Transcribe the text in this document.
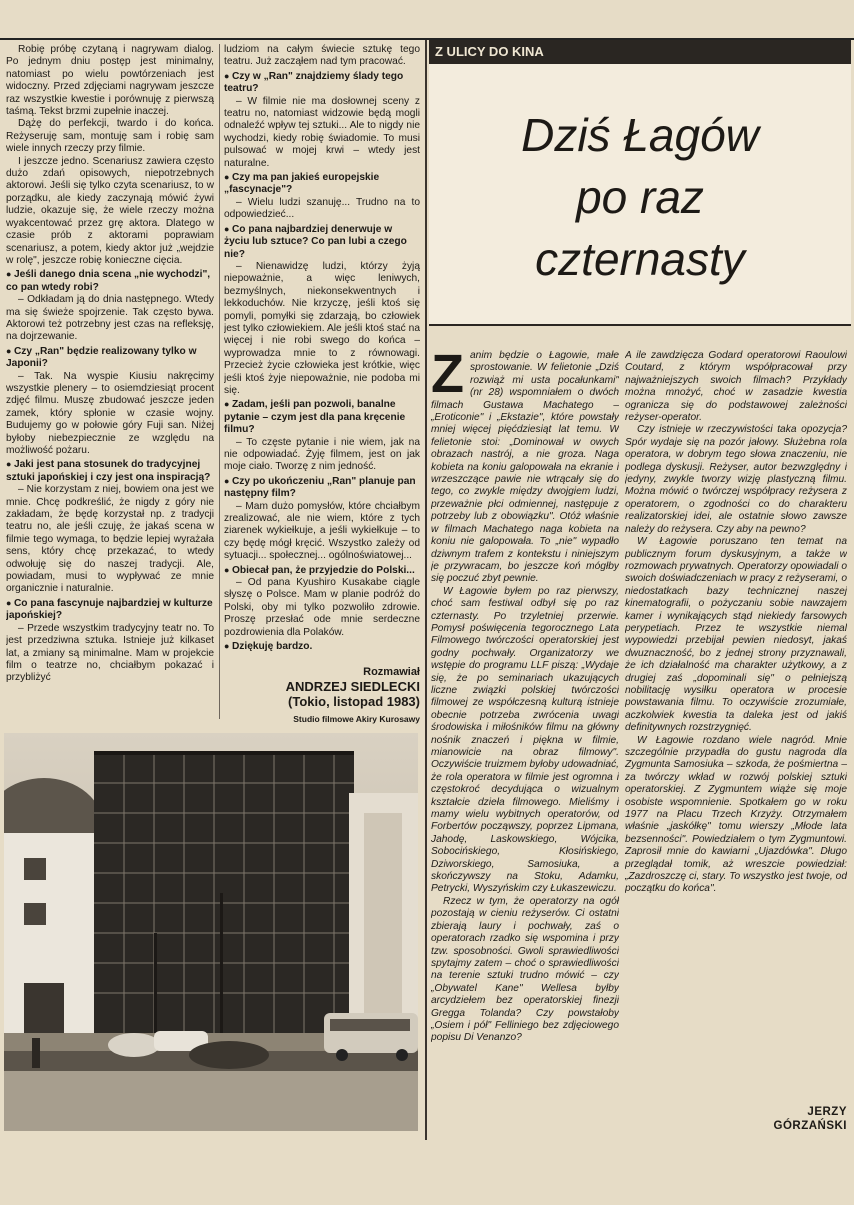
Robię próbę czytaną i nagrywam dialog. Po jednym dniu postęp jest minimalny, natomiast po wielu powtórzeniach jest widoczny. Przed zdjęciami nagrywam jeszcze raz wszystkie kwestie i porównuję z pierwszą taśmą. Tekst brzmi zupełnie inaczej.

Dążę do perfekcji, twardo i do końca. Reżyseruję sam, montuję sam i robię sam wiele innych rzeczy przy filmie.

I jeszcze jedno. Scenariusz zawiera często dużo zdań opisowych, niepotrzebnych aktorowi. Jeśli się tylko czyta scenariusz, to w porządku, ale kiedy zaczynają mówić żywi ludzie, okazuje się, że wiele rzeczy można wyakcentować przez grę aktora. Dlatego w czasie prób z aktorami poprawiam scenariusz, a potem, kiedy aktor już „wejdzie w rolę", jeszcze robię konieczne cięcia.

● Jeśli danego dnia scena „nie wychodzi", co pan wtedy robi?

– Odkładam ją do dnia następnego. Wtedy ma się świeże spojrzenie. Tak często bywa. Aktorowi też potrzebny jest czas na refleksję, na dojrzewanie.

● Czy „Ran" będzie realizowany tylko w Japonii?

– Tak. Na wyspie Kiusiu nakręcimy wszystkie plenery – to osiemdziesiąt procent zdjęć filmu. Muszę zbudować jeszcze jeden zamek, który spłonie w czasie wojny. Budujemy go w połowie góry Fuji san. Niżej byłoby niebezpiecznie ze względu na możliwość pożaru.

● Jaki jest pana stosunek do tradycyjnej sztuki japońskiej i czy jest ona inspiracją?

– Nie korzystam z niej, bowiem ona jest we mnie. Chcę podkreślić, że nigdy z góry nie zakładam, że będę korzystał np. z tradycji teatru no, ale jeśli czuję, że jakaś scena w filmie tego wymaga, to będzie lepiej wyrażała sens, który chcę przekazać, to wtedy odwołuję się do naszej tradycji. Ale, powiadam, musi to wypływać ze mnie organicznie i naturalnie.

● Co pana fascynuje najbardziej w kulturze japońskiej?

– Przede wszystkim tradycyjny teatr no. To jest przedziwna sztuka. Istnieje już kilkaset lat, a zmiany są minimalne. Mam w projekcie film o teatrze no, chciałbym pokazać i przybliżyć

ludziom na całym świecie sztukę tego teatru. Już zacząłem nad tym pracować.

● Czy w „Ran" znajdziemy ślady tego teatru?

– W filmie nie ma dosłownej sceny z teatru no, natomiast widzowie będą mogli odnaleźć wpływ tej sztuki... Ale to nigdy nie wychodzi, kiedy robię świadomie. To musi pulsować w mojej krwi – wtedy jest naturalne.

● Czy ma pan jakieś europejskie „fascynacje"?

– Wielu ludzi szanuję... Trudno na to odpowiedzieć...

● Co pana najbardziej denerwuje w życiu lub sztuce? Co pan lubi a czego nie?

– Nienawidzę ludzi, którzy żyją niepoważnie, a więc leniwych, bezmyślnych, niekonsekwentnych i lekkoduchów. Nie krzyczę, jeśli ktoś się pomyli, pomyłki się zdarzają, bo człowiek jest tylko człowiekiem. Ale jeśli ktoś stać na więcej i nie robi swego do końca – wyprowadza mnie to z równowagi. Przecież życie człowieka jest krótkie, więc jeśli ktoś żyje niepoważnie, nie podoba mi się.

● Zadam, jeśli pan pozwoli, banalne pytanie – czym jest dla pana kręcenie filmu?

– To częste pytanie i nie wiem, jak na nie odpowiadać. Żyję filmem, jest on jak moje ciało. Tworzę z nim jedność.

● Czy po ukończeniu „Ran" planuje pan następny film?

– Mam dużo pomysłów, które chciałbym zrealizować, ale nie wiem, które z tych ziarenek wykiełkuje, a jeśli wykiełkuje – to czy będę mógł kręcić. Wszystko zależy od sytuacji... społecznej... ogólnoświatowej...

● Obiecał pan, że przyjedzie do Polski...

– Od pana Kyushiro Kusakabe ciągle słyszę o Polsce. Mam w planie podróż do Polski, oby mi tylko pozwoliło zdrowie. Proszę przesłać ode mnie serdeczne pozdrowienia dla Polaków.

● Dziękuję bardzo.

Rozmawiał
ANDRZEJ SIEDLECKI
(Tokio, listopad 1983)
Studio filmowe Akiry Kurosawy
Z ULICY DO KINA
Dziś Łagów
po raz
czternasty

Zanim będzie o Łagowie, małe sprostowanie. W felietonie „Dziś rozwiąż mi usta pocałunkami" (nr 28) wspomniałem o dwóch filmach Gustawa Machatego – „Eroticonie" i „Ekstazie", które powstały mniej więcej pięćdziesiąt lat temu. W felietonie stoi: „Dominował w owych obrazach nastrój, a nie groza. Naga kobieta na koniu galopowała na ekranie i wrzeszczące pawie nie wtrącały się do tego, co zwykle między dwojgiem ludzi, przeważnie płci odmiennej, następuje z potrzeby lub z obowiązku". Otóż właśnie w filmach Machatego naga kobieta na koniu nie galopowała. To „nie" wypadło dziwnym trafem z kontekstu i niniejszym je przywracam, bo jeszcze koń mógłby się poczuć zbyt pewnie.

W Łagowie byłem po raz pierwszy, choć sam festiwal odbył się po raz czternasty. Po trzyletniej przerwie. Pomysł poświęcenia tegorocznego Lata Filmowego twórczości operatorskiej jest godny pochwały. Organizatorzy we wstępie do programu LLF piszą: „Wydaje się, że po seminariach ukazujących liczne związki polskiej twórczości filmowej ze współczesną kulturą istnieje obecnie potrzeba zwrócenia uwagi środowiska i miłośników filmu na główny nośnik znaczeń i piękna w filmie, mianowicie na obraz filmowy". Oczywiście truizmem byłoby udowadniać, że rola operatora w filmie jest ogromna i częstokroć decydująca o wizualnym kształcie dzieła filmowego. Mieliśmy i mamy wielu wybitnych operatorów, od Forbertów począwszy, poprzez Lipmana, Jahodę, Laskowskiego, Wójcika, Sobocińskiego, Kłosińskiego, Dziworskiego, Samosiuka, a skończywszy na Stoku, Adamku, Petrycki, Wyszyńskim czy Łukaszewiczu.

Rzecz w tym, że operatorzy na ogół pozostają w cieniu reżyserów. Ci ostatni zbierają laury i pochwały, zaś o operatorach rzadko się wspomina i przy tzw. sposobności. Gwoli sprawiedliwości spytajmy zatem – choć o sprawiedliwości na terenie sztuki trudno mówić – czy „Obywatel Kane" Wellesa byłby arcydziełem bez operatorskiej finezji Gregga Tolanda? Czy powstałoby „Osiem i pół" Felliniego bez zdjęciowego popisu Di Venanzo?

A ile zawdzięcza Godard operatorowi Raoulowi Coutard, z którym współpracował przy najważniejszych swoich filmach? Przykłady można mnożyć, choć w zasadzie kwestia ogranicza się do podstawowej zależności reżyser-operator.

Czy istnieje w rzeczywistości taka opozycja? Spór wydaje się na pozór jałowy. Służebna rola operatora, w dobrym tego słowa znaczeniu, nie podlega dyskusji. Reżyser, autor bezwzględny i jedyny, zwykle tworzy wizję plastyczną filmu. Można mówić o twórczej współpracy reżysera z operatorem, o zgodności co do charakteru realizatorskiej idei, ale ostatnie słowo zawsze należy do reżysera. Czy aby na pewno?

W Łagowie poruszano ten temat na publicznym forum dyskusyjnym, a także w rozmowach prywatnych. Operatorzy opowiadali o swoich doświadczeniach w pracy z reżyserami, o niedostatkach bazy technicznej naszej kinematografii, o pożyczaniu sobie nawzajem kamer i wynikających stąd niekiedy farsowych perypetiach. Przez te wszystkie niemal wypowiedzi przebijał pewien niedosyt, jakaś dwuznaczność, bo z jednej strony przyznawali, że ich działalność ma charakter użytkowy, a z drugiej zaś „dopominali się" o pełniejszą nobilitację wysiłku operatora w procesie powstawania filmu. To oczywiście zrozumiałe, aczkolwiek kwestia ta daleka jest od jakiś definitywnych rozstrzygnięć.

W Łagowie rozdano wiele nagród. Mnie szczególnie przypadła do gustu nagroda dla Zygmunta Samosiuka – szkoda, że pośmiertna – za twórczy wkład w rozwój polskiej sztuki operatorskiej. Z Zygmuntem wiąże się moje osobiste wspomnienie. Spotkałem go w roku 1977 na Placu Trzech Krzyży. Otrzymałem właśnie „jaskółkę" tomu wierszy „Młode lata bezsenności". Powiedziałem o tym Zygmuntowi. Zaprosił mnie do kawiarni „Ujazdówka". Długo przeglądał tomik, aż wreszcie powiedział: „Zazdroszczę ci, stary. To wszystko jest twoje, od początku do końca".

JERZY
GÓRZAŃSKI
